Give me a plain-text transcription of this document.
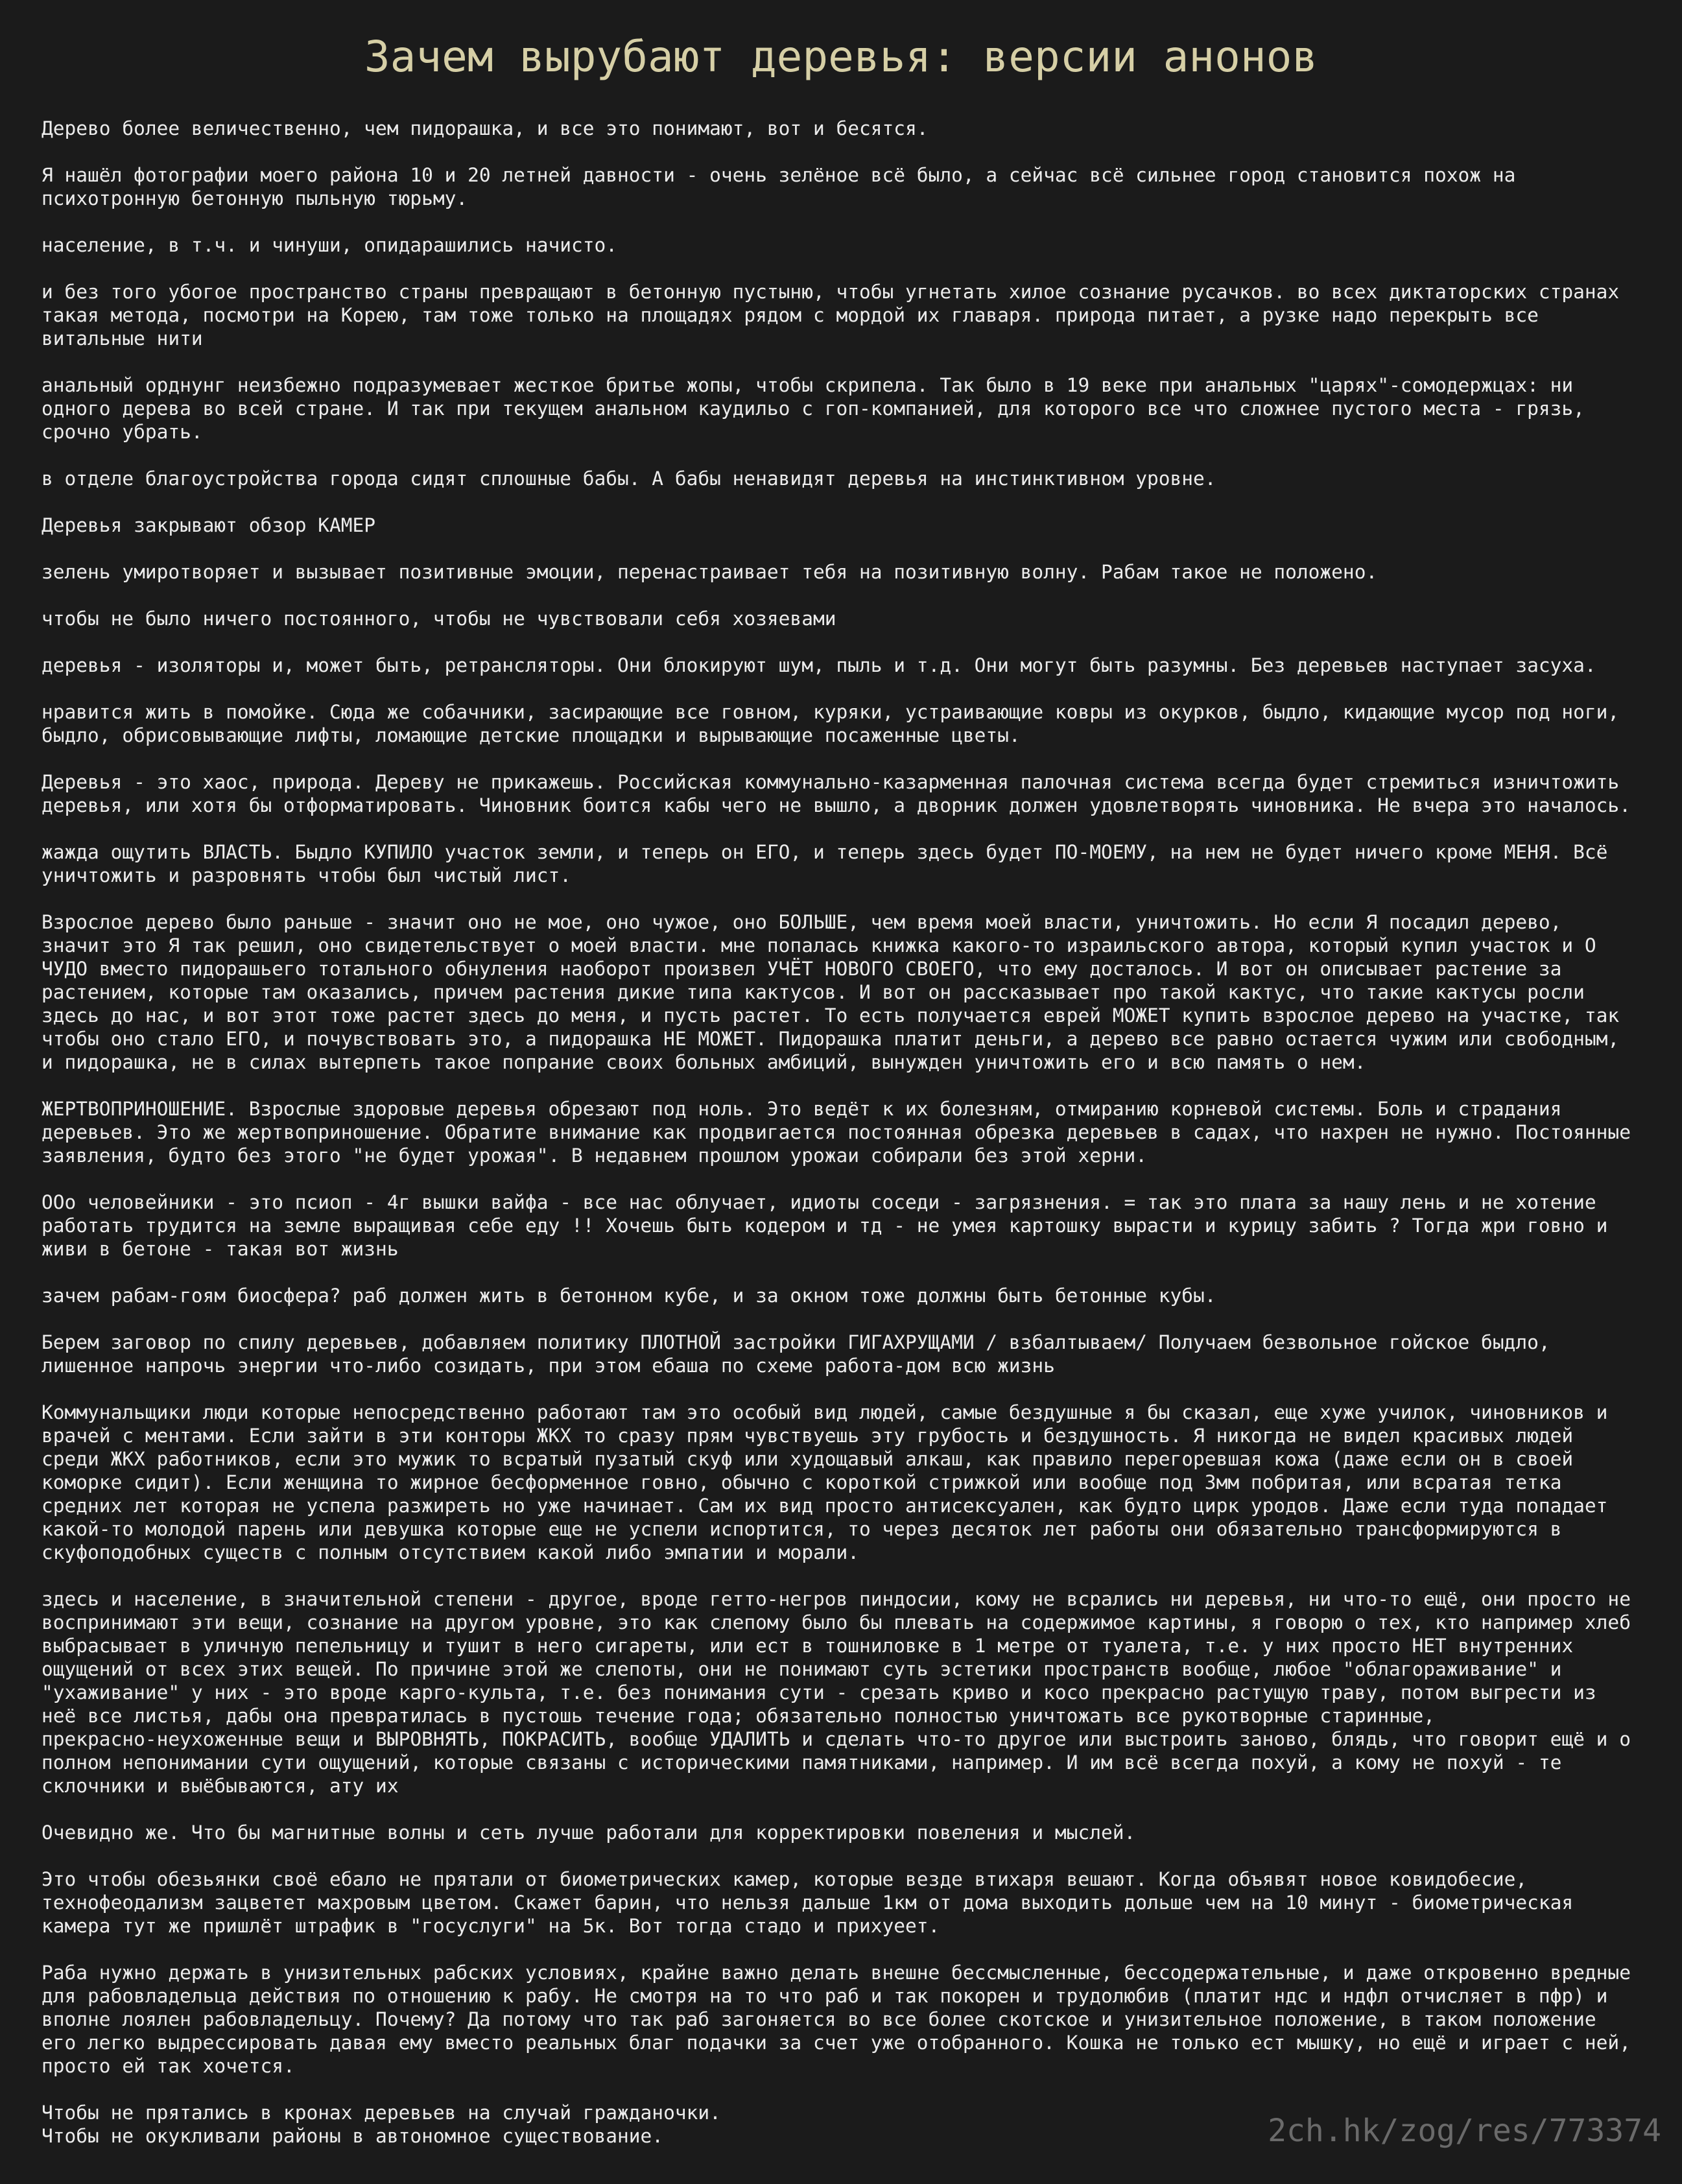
Зачем вырубают деревья: версии анонов
Дерево более величественно, чем пидорашка, и все это понимают, вот и бесятся.
Я нашёл фотографии моего района 10 и 20 летней давности - очень зелёное всё было, а сейчас всё сильнее город становится похож на
психотронную бетонную пыльную тюрьму.
население, в т.ч. и чинуши, опидарашились начисто.
и без того убогое пространство страны превращают в бетонную пустыню, чтобы угнетать хилое сознание русачков. во всех диктаторских странах
такая метода, посмотри на Корею, там тоже только на площадях рядом с мордой их главаря. природа питает, а рузке надо перекрыть все
витальные нити
анальный орднунг неизбежно подразумевает жесткое бритье жопы, чтобы скрипела. Так было в 19 веке при анальных "царях"-сомодержцах: ни
одного дерева во всей стране. И так при текущем анальном каудильо с гоп-компанией, для которого все что сложнее пустого места - грязь,
срочно убрать.
в отделе благоустройства города сидят сплошные бабы. А бабы ненавидят деревья на инстинктивном уровне.
Деревья закрывают обзор КАМЕР
зелень умиротворяет и вызывает позитивные эмоции, перенастраивает тебя на позитивную волну. Рабам такое не положено.
чтобы не было ничего постоянного, чтобы не чувствовали себя хозяевами
деревья - изоляторы и, может быть, ретрансляторы. Они блокируют шум, пыль и т.д. Они могут быть разумны. Без деревьев наступает засуха.
нравится жить в помойке. Сюда же собачники, засирающие все говном, куряки, устраивающие ковры из окурков, быдло, кидающие мусор под ноги,
быдло, обрисовывающие лифты, ломающие детские площадки и вырывающие посаженные цветы.
Деревья - это хаос, природа. Дереву не прикажешь. Российская коммунально-казарменная палочная система всегда будет стремиться изничтожить
деревья, или хотя бы отформатировать. Чиновник боится кабы чего не вышло, а дворник должен удовлетворять чиновника. Не вчера это началось.
жажда ощутить ВЛАСТЬ. Быдло КУПИЛО участок земли, и теперь он ЕГО, и теперь здесь будет ПО-МОЕМУ, на нем не будет ничего кроме МЕНЯ. Всё
уничтожить и разровнять чтобы был чистый лист.
Взрослое дерево было раньше - значит оно не мое, оно чужое, оно БОЛЬШЕ, чем время моей власти, уничтожить. Но если Я посадил дерево,
значит это Я так решил, оно свидетельствует о моей власти. мне попалась книжка какого-то израильского автора, который купил участок и О
ЧУДО вместо пидорашьего тотального обнуления наоборот произвел УЧЁТ НОВОГО СВОЕГО, что ему досталось. И вот он описывает растение за
растением, которые там оказались, причем растения дикие типа кактусов. И вот он рассказывает про такой кактус, что такие кактусы росли
здесь до нас, и вот этот тоже растет здесь до меня, и пусть растет. То есть получается еврей МОЖЕТ купить взрослое дерево на участке, так
чтобы оно стало ЕГО, и почувствовать это, а пидорашка НЕ МОЖЕТ. Пидорашка платит деньги, а дерево все равно остается чужим или свободным,
и пидорашка, не в силах вытерпеть такое попрание своих больных амбиций, вынужден уничтожить его и всю память о нем.
ЖЕРТВОПРИНОШЕНИЕ. Взрослые здоровые деревья обрезают под ноль. Это ведёт к их болезням, отмиранию корневой системы. Боль и страдания
деревьев. Это же жертвоприношение. Обратите внимание как продвигается постоянная обрезка деревьев в садах, что нахрен не нужно. Постоянные
заявления, будто без этого "не будет урожая". В недавнем прошлом урожаи собирали без этой херни.
ООо человейники - это псиоп - 4г вышки вайфа - все нас облучает, идиоты соседи - загрязнения. = так это плата за нашу лень и не хотение
работать трудится на земле выращивая себе еду !! Хочешь быть кодером и тд - не умея картошку вырасти и курицу забить ? Тогда жри говно и
живи в бетоне - такая вот жизнь
зачем рабам-гоям биосфера? раб должен жить в бетонном кубе, и за окном тоже должны быть бетонные кубы.
Берем заговор по спилу деревьев, добавляем политику ПЛОТНОЙ застройки ГИГАХРУЩАМИ / взбалтываем/ Получаем безвольное гойское быдло,
лишенное напрочь энергии что-либо созидать, при этом ебаша по схеме работа-дом всю жизнь
Коммунальщики люди которые непосредственно работают там это особый вид людей, самые бездушные я бы сказал, еще хуже училок, чиновников и
врачей с ментами. Если зайти в эти конторы ЖКХ то сразу прям чувствуешь эту грубость и бездушность. Я никогда не видел красивых людей
среди ЖКХ работников, если это мужик то всратый пузатый скуф или худощавый алкаш, как правило перегоревшая кожа (даже если он в своей
коморке сидит). Если женщина то жирное бесформенное говно, обычно с короткой стрижкой или вообще под 3мм побритая, или всратая тетка
средних лет которая не успела разжиреть но уже начинает. Сам их вид просто антисексуален, как будто цирк уродов. Даже если туда попадает
какой-то молодой парень или девушка которые еще не успели испортится, то через десяток лет работы они обязательно трансформируются в
скуфоподобных существ с полным отсутствием какой либо эмпатии и морали.
здесь и население, в значительной степени - другое, вроде гетто-негров пиндосии, кому не всрались ни деревья, ни что-то ещё, они просто не
воспринимают эти вещи, сознание на другом уровне, это как слепому было бы плевать на содержимое картины, я говорю о тех, кто например хлеб
выбрасывает в уличную пепельницу и тушит в него сигареты, или ест в тошниловке в 1 метре от туалета, т.е. у них просто НЕТ внутренних
ощущений от всех этих вещей. По причине этой же слепоты, они не понимают суть эстетики пространств вообще, любое "облагораживание" и
"ухаживание" у них - это вроде карго-культа, т.е. без понимания сути - срезать криво и косо прекрасно растущую траву, потом выгрести из
неё все листья, дабы она превратилась в пустошь течение года; обязательно полностью уничтожать все рукотворные старинные,
прекрасно-неухоженные вещи и ВЫРОВНЯТЬ, ПОКРАСИТЬ, вообще УДАЛИТЬ и сделать что-то другое или выстроить заново, блядь, что говорит ещё и о
полном непонимании сути ощущений, которые связаны с историческими памятниками, например. И им всё всегда похуй, а кому не похуй - те
склочники и выёбываются, ату их
Очевидно же. Что бы магнитные волны и сеть лучше работали для корректировки повеления и мыслей.
Это чтобы обезьянки своё ебало не прятали от биометрических камер, которые везде втихаря вешают. Когда объявят новое ковидобесие,
технофеодализм зацветет махровым цветом. Скажет барин, что нельзя дальше 1км от дома выходить дольше чем на 10 минут - биометрическая
камера тут же пришлёт штрафик в "госуслуги" на 5к. Вот тогда стадо и прихуеет.
Раба нужно держать в унизительных рабских условиях, крайне важно делать внешне бессмысленные, бессодержательные, и даже откровенно вредные
для рабовладельца действия по отношению к рабу. Не смотря на то что раб и так покорен и трудолюбив (платит ндс и ндфл отчисляет в пфр) и
вполне лоялен рабовладельцу. Почему? Да потому что так раб загоняется во все более скотское и унизительное положение, в таком положение
его легко выдрессировать давая ему вместо реальных благ подачки за счет уже отобранного. Кошка не только ест мышку, но ещё и играет с ней,
просто ей так хочется.
Чтобы не прятались в кронах деревьев на случай гражданочки.
Чтобы не окукливали районы в автономное существование.	2ch.hk/zog/res/773374
